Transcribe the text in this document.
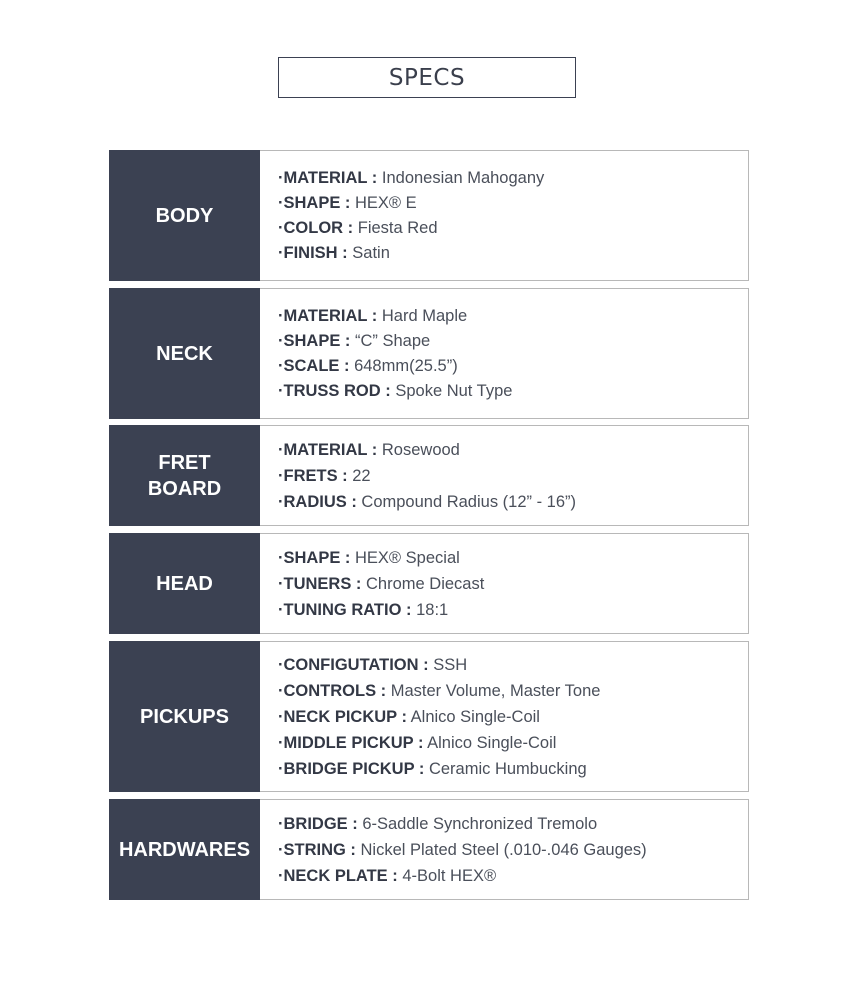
SPECS
BODY
·MATERIAL : Indonesian Mahogany
·SHAPE : HEX® E
·COLOR : Fiesta Red
·FINISH : Satin
NECK
·MATERIAL : Hard Maple
·SHAPE : “C” Shape
·SCALE : 648mm(25.5”)
·TRUSS ROD : Spoke Nut Type
FRET
BOARD
·MATERIAL : Rosewood
·FRETS : 22
·RADIUS : Compound Radius (12” - 16”)
HEAD
·SHAPE : HEX® Special
·TUNERS : Chrome Diecast
·TUNING RATIO : 18:1
PICKUPS
·CONFIGUTATION : SSH
·CONTROLS : Master Volume, Master Tone
·NECK PICKUP : Alnico Single-Coil
·MIDDLE PICKUP : Alnico Single-Coil
·BRIDGE PICKUP : Ceramic Humbucking
HARDWARES
·BRIDGE : 6-Saddle Synchronized Tremolo
·STRING : Nickel Plated Steel (.010-.046 Gauges)
·NECK PLATE : 4-Bolt HEX®
